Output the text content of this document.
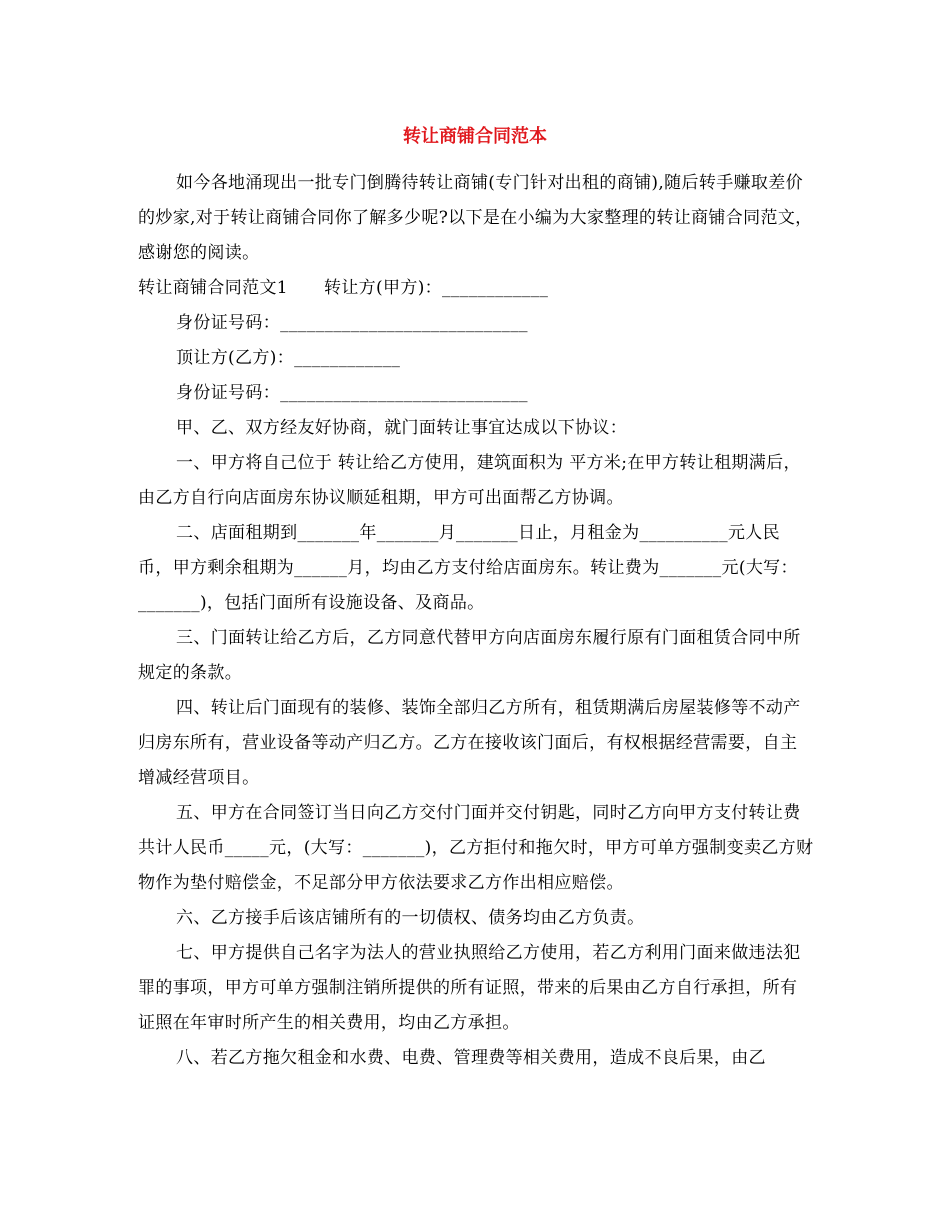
转让商铺合同范本

如今各地涌现出一批专门倒腾待转让商铺(专门针对出租的商铺),随后转手赚取差价的炒家,对于转让商铺合同你了解多少呢?以下是在小编为大家整理的转让商铺合同范文，感谢您的阅读。

转让商铺合同范文1 转让方(甲方)：____________

身份证号码：____________________________

顶让方(乙方)：____________

身份证号码：____________________________

甲、乙、双方经友好协商，就门面转让事宜达成以下协议：

一、甲方将自己位于 转让给乙方使用，建筑面积为 平方米;在甲方转让租期满后，由乙方自行向店面房东协议顺延租期，甲方可出面帮乙方协调。

二、店面租期到_______年_______月_______日止，月租金为__________元人民币，甲方剩余租期为______月，均由乙方支付给店面房东。转让费为_______元(大写：_______)，包括门面所有设施设备、及商品。

三、门面转让给乙方后，乙方同意代替甲方向店面房东履行原有门面租赁合同中所规定的条款。

四、转让后门面现有的装修、装饰全部归乙方所有，租赁期满后房屋装修等不动产归房东所有，营业设备等动产归乙方。乙方在接收该门面后，有权根据经营需要，自主增减经营项目。

五、甲方在合同签订当日向乙方交付门面并交付钥匙，同时乙方向甲方支付转让费共计人民币_____元，(大写：_______)，乙方拒付和拖欠时，甲方可单方强制变卖乙方财物作为垫付赔偿金，不足部分甲方依法要求乙方作出相应赔偿。

六、乙方接手后该店铺所有的一切债权、债务均由乙方负责。

七、甲方提供自己名字为法人的营业执照给乙方使用，若乙方利用门面来做违法犯罪的事项，甲方可单方强制注销所提供的所有证照，带来的后果由乙方自行承担，所有证照在年审时所产生的相关费用，均由乙方承担。

八、若乙方拖欠租金和水费、电费、管理费等相关费用，造成不良后果，由乙
